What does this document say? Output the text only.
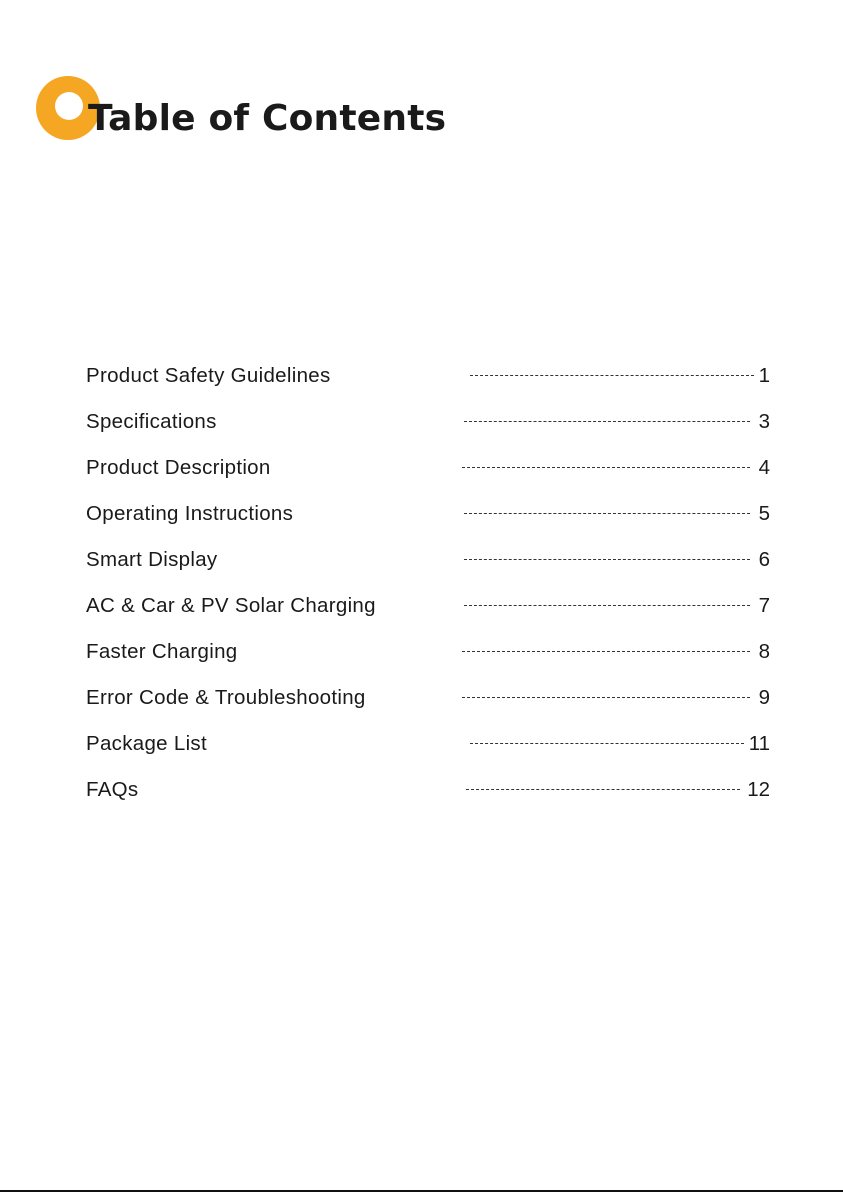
Table of Contents
Product Safety Guidelines	1
Specifications	3
Product Description	4
Operating Instructions	5
Smart Display	6
AC & Car & PV Solar Charging	7
Faster Charging	8
Error Code & Troubleshooting	9
Package List	11
FAQs	12
